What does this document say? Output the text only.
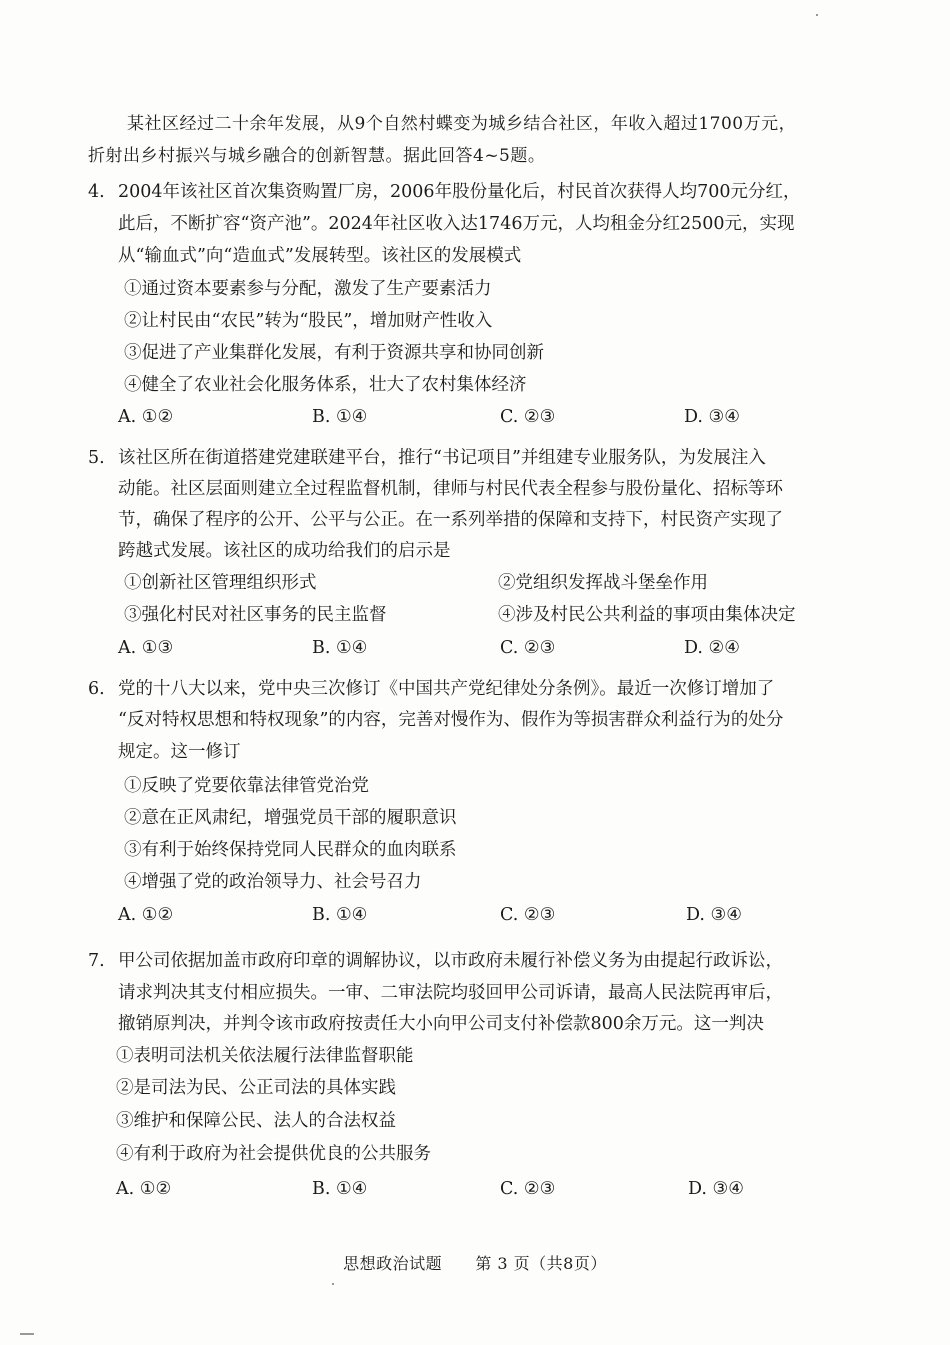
某社区经过二十余年发展，从9个自然村蝶变为城乡结合社区，年收入超过1700万元，
折射出乡村振兴与城乡融合的创新智慧。据此回答4~5题。
4. 2004年该社区首次集资购置厂房，2006年股份量化后，村民首次获得人均700元分红，
此后，不断扩容“资产池”。2024年社区收入达1746万元，人均租金分红2500元，实现
从“输血式”向“造血式”发展转型。该社区的发展模式
①通过资本要素参与分配，激发了生产要素活力
②让村民由“农民”转为“股民”，增加财产性收入
③促进了产业集群化发展，有利于资源共享和协同创新
④健全了农业社会化服务体系，壮大了农村集体经济
A. ①②	B. ①④	C. ②③	D. ③④
5. 该社区所在街道搭建党建联建平台，推行“书记项目”并组建专业服务队，为发展注入
动能。社区层面则建立全过程监督机制，律师与村民代表全程参与股份量化、招标等环
节，确保了程序的公开、公平与公正。在一系列举措的保障和支持下，村民资产实现了
跨越式发展。该社区的成功给我们的启示是
①创新社区管理组织形式	②党组织发挥战斗堡垒作用
③强化村民对社区事务的民主监督	④涉及村民公共利益的事项由集体决定
A. ①③	B. ①④	C. ②③	D. ②④
6. 党的十八大以来，党中央三次修订《中国共产党纪律处分条例》。最近一次修订增加了
“反对特权思想和特权现象”的内容，完善对慢作为、假作为等损害群众利益行为的处分
规定。这一修订
①反映了党要依靠法律管党治党
②意在正风肃纪，增强党员干部的履职意识
③有利于始终保持党同人民群众的血肉联系
④增强了党的政治领导力、社会号召力
A. ①②	B. ①④	C. ②③	D. ③④
7. 甲公司依据加盖市政府印章的调解协议，以市政府未履行补偿义务为由提起行政诉讼，
请求判决其支付相应损失。一审、二审法院均驳回甲公司诉请，最高人民法院再审后，
撤销原判决，并判令该市政府按责任大小向甲公司支付补偿款800余万元。这一判决
①表明司法机关依法履行法律监督职能
②是司法为民、公正司法的具体实践
③维护和保障公民、法人的合法权益
④有利于政府为社会提供优良的公共服务
A. ①②	B. ①④	C. ②③	D. ③④
思想政治试题 第 3 页（共8页）
